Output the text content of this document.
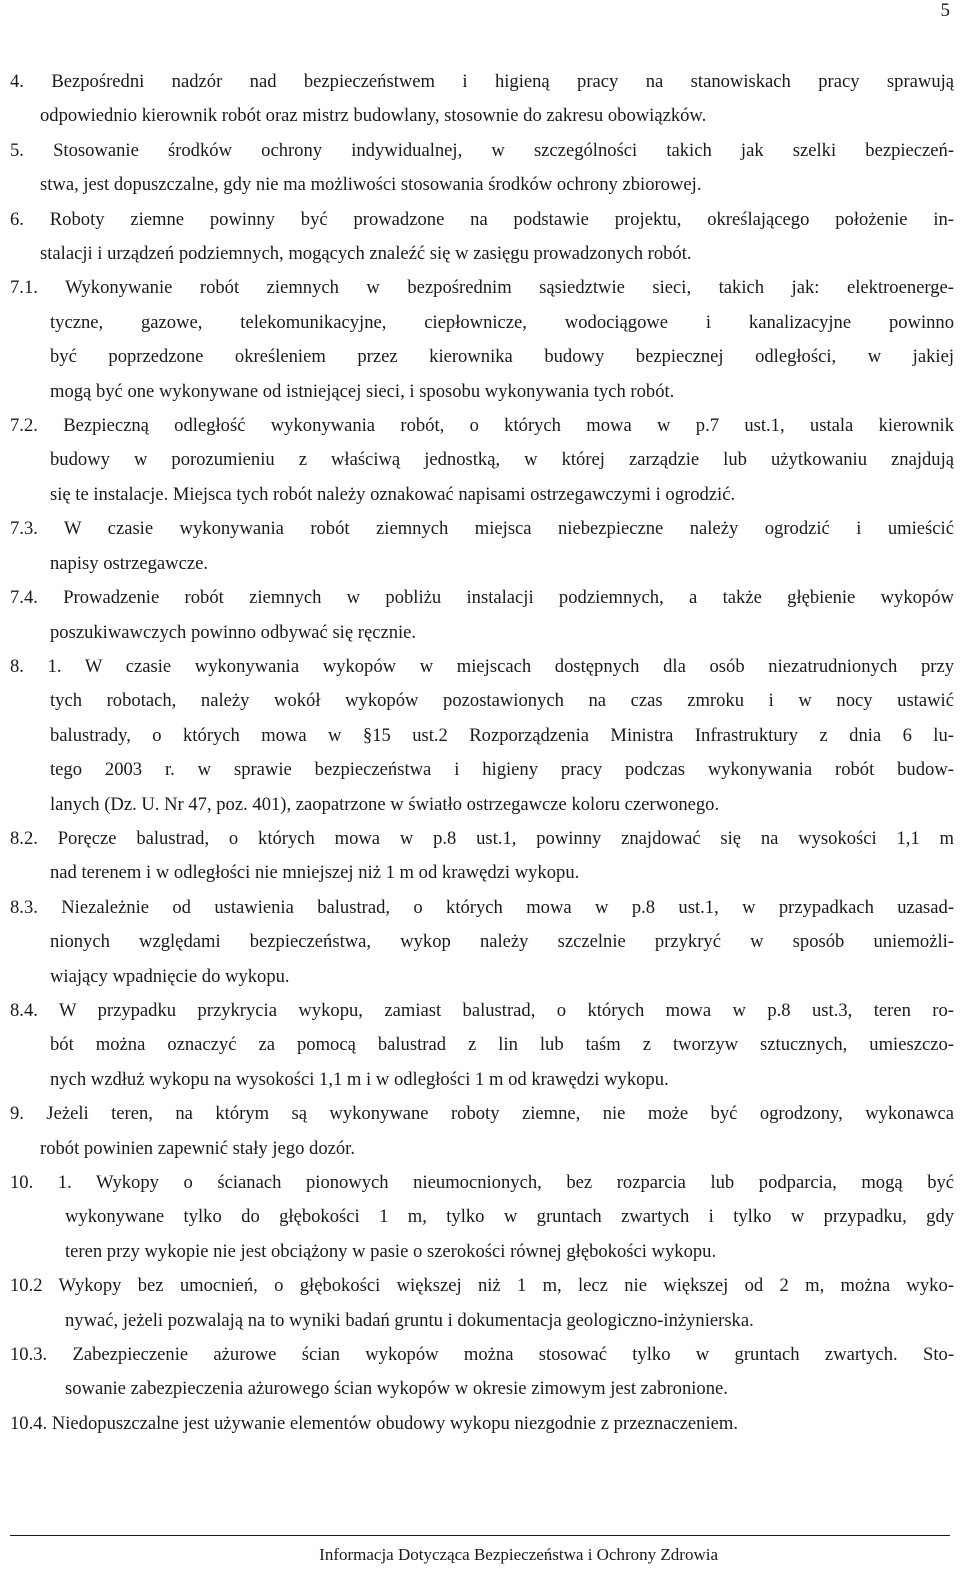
5
4. Bezpośredni nadzór nad bezpieczeństwem i higieną pracy na stanowiskach pracy sprawują
odpowiednio kierownik robót oraz mistrz budowlany, stosownie do zakresu obowiązków.
5. Stosowanie środków ochrony indywidualnej, w szczególności takich jak szelki bezpieczeń-
stwa, jest dopuszczalne, gdy nie ma możliwości stosowania środków ochrony zbiorowej.
6. Roboty ziemne powinny być prowadzone na podstawie projektu, określającego położenie in-
stalacji i urządzeń podziemnych, mogących znaleźć się w zasięgu prowadzonych robót.
7.1. Wykonywanie robót ziemnych w bezpośrednim sąsiedztwie sieci, takich jak: elektroenerge-
tyczne, gazowe, telekomunikacyjne, ciepłownicze, wodociągowe i kanalizacyjne powinno
być poprzedzone określeniem przez kierownika budowy bezpiecznej odległości, w jakiej
mogą być one wykonywane od istniejącej sieci, i sposobu wykonywania tych robót.
7.2. Bezpieczną odległość wykonywania robót, o których mowa w p.7 ust.1, ustala kierownik
budowy w porozumieniu z właściwą jednostką, w której zarządzie lub użytkowaniu znajdują
się te instalacje. Miejsca tych robót należy oznakować napisami ostrzegawczymi i ogrodzić.
7.3. W czasie wykonywania robót ziemnych miejsca niebezpieczne należy ogrodzić i umieścić
napisy ostrzegawcze.
7.4. Prowadzenie robót ziemnych w pobliżu instalacji podziemnych, a także głębienie wykopów
poszukiwawczych powinno odbywać się ręcznie.
8. 1. W czasie wykonywania wykopów w miejscach dostępnych dla osób niezatrudnionych przy
tych robotach, należy wokół wykopów pozostawionych na czas zmroku i w nocy ustawić
balustrady, o których mowa w §15 ust.2 Rozporządzenia Ministra Infrastruktury z dnia 6 lu-
tego 2003 r. w sprawie bezpieczeństwa i higieny pracy podczas wykonywania robót budow-
lanych (Dz. U. Nr 47, poz. 401), zaopatrzone w światło ostrzegawcze koloru czerwonego.
8.2. Poręcze balustrad, o których mowa w p.8 ust.1, powinny znajdować się na wysokości 1,1 m
nad terenem i w odległości nie mniejszej niż 1 m od krawędzi wykopu.
8.3. Niezależnie od ustawienia balustrad, o których mowa w p.8 ust.1, w przypadkach uzasad-
nionych względami bezpieczeństwa, wykop należy szczelnie przykryć w sposób uniemożli-
wiający wpadnięcie do wykopu.
8.4. W przypadku przykrycia wykopu, zamiast balustrad, o których mowa w p.8 ust.3, teren ro-
bót można oznaczyć za pomocą balustrad z lin lub taśm z tworzyw sztucznych, umieszczo-
nych wzdłuż wykopu na wysokości 1,1 m i w odległości 1 m od krawędzi wykopu.
9. Jeżeli teren, na którym są wykonywane roboty ziemne, nie może być ogrodzony, wykonawca
robót powinien zapewnić stały jego dozór.
10. 1. Wykopy o ścianach pionowych nieumocnionych, bez rozparcia lub podparcia, mogą być
wykonywane tylko do głębokości 1 m, tylko w gruntach zwartych i tylko w przypadku, gdy
teren przy wykopie nie jest obciążony w pasie o szerokości równej głębokości wykopu.
10.2 Wykopy bez umocnień, o głębokości większej niż 1 m, lecz nie większej od 2 m, można wyko-
nywać, jeżeli pozwalają na to wyniki badań gruntu i dokumentacja geologiczno-inżynierska.
10.3. Zabezpieczenie ażurowe ścian wykopów można stosować tylko w gruntach zwartych. Sto-
sowanie zabezpieczenia ażurowego ścian wykopów w okresie zimowym jest zabronione.
10.4. Niedopuszczalne jest używanie elementów obudowy wykopu niezgodnie z przeznaczeniem.
Informacja Dotycząca Bezpieczeństwa i Ochrony Zdrowia
